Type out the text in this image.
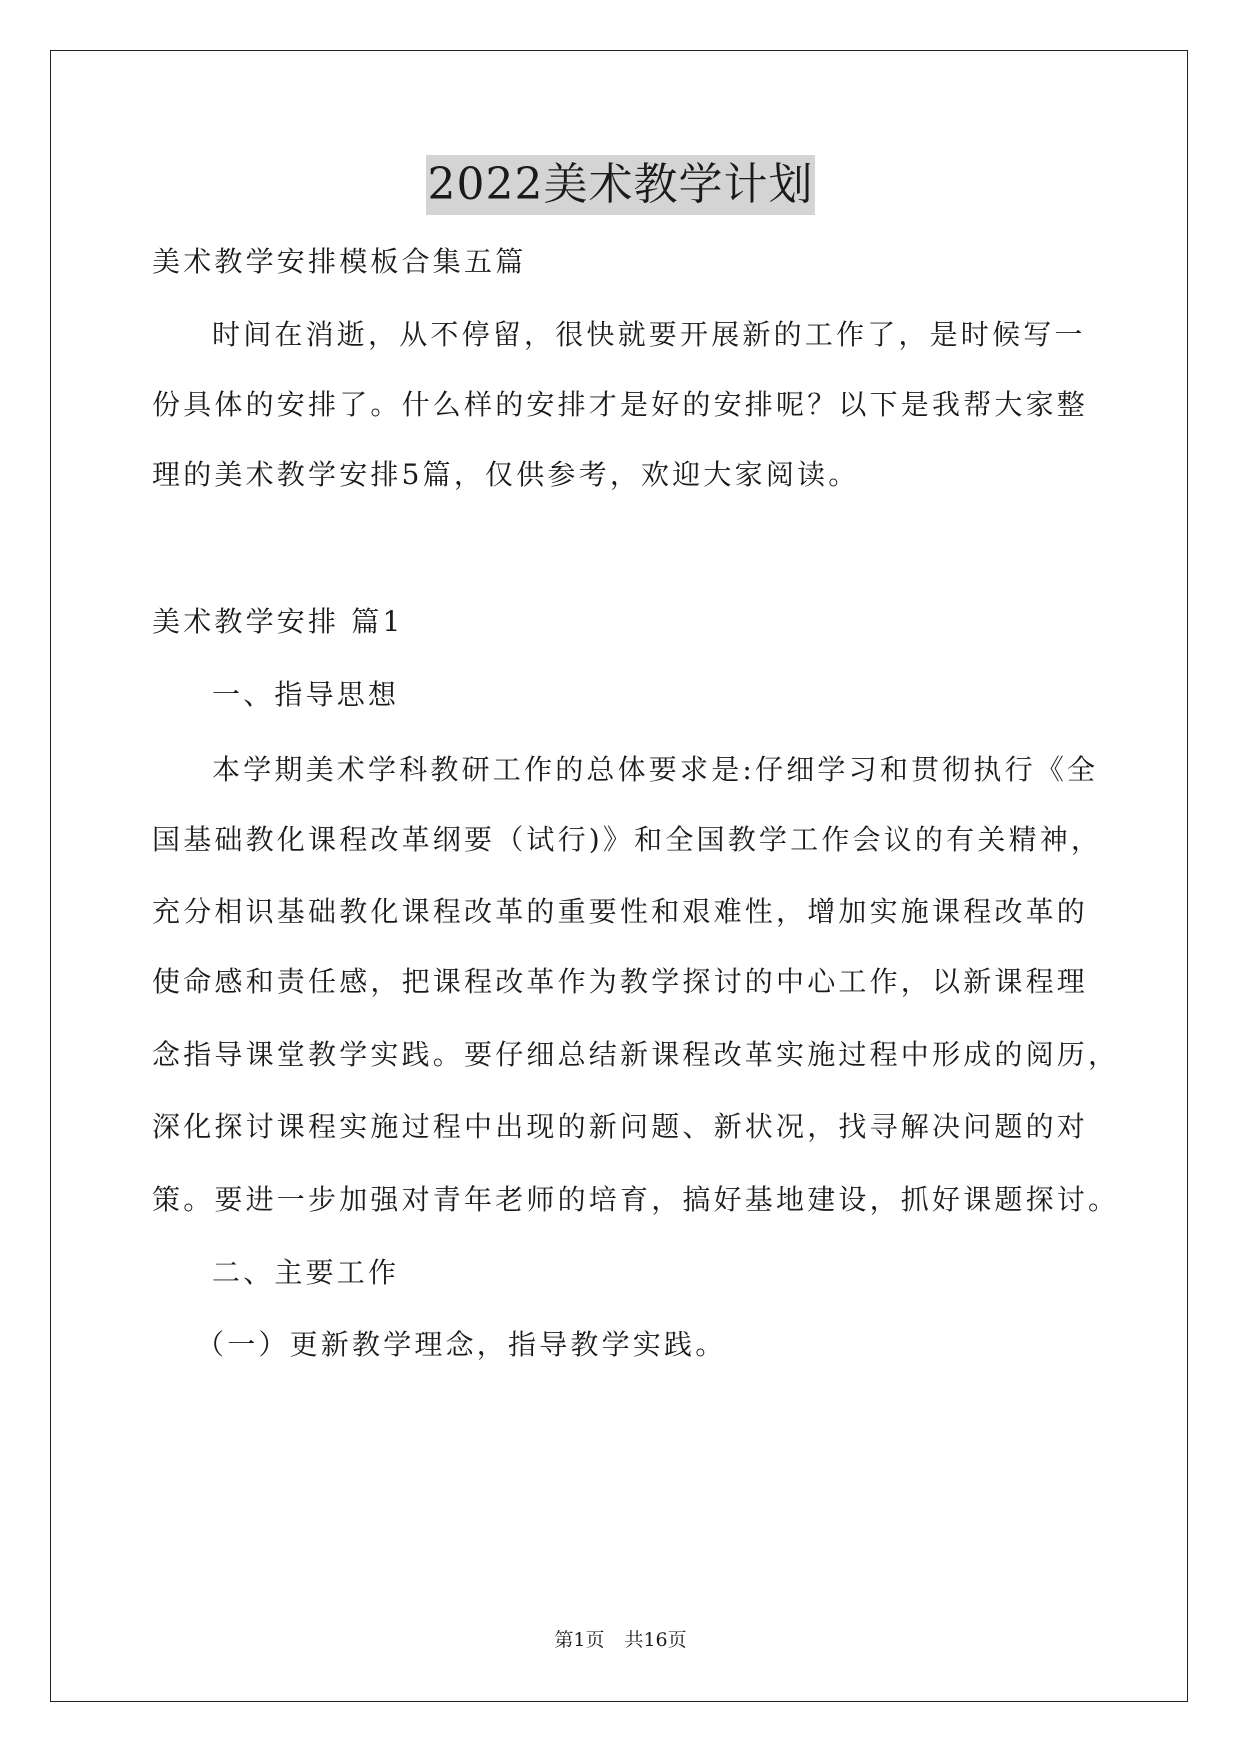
2022美术教学计划

美术教学安排模板合集五篇

时间在消逝，从不停留，很快就要开展新的工作了，是时候写一

份具体的安排了。什么样的安排才是好的安排呢？以下是我帮大家整

理的美术教学安排5篇，仅供参考，欢迎大家阅读。

美术教学安排 篇1

一、指导思想

本学期美术学科教研工作的总体要求是:仔细学习和贯彻执行《全

国基础教化课程改革纲要（试行)》和全国教学工作会议的有关精神，

充分相识基础教化课程改革的重要性和艰难性，增加实施课程改革的

使命感和责任感，把课程改革作为教学探讨的中心工作，以新课程理

念指导课堂教学实践。要仔细总结新课程改革实施过程中形成的阅历，

深化探讨课程实施过程中出现的新问题、新状况，找寻解决问题的对

策。要进一步加强对青年老师的培育，搞好基地建设，抓好课题探讨。

二、主要工作

（一）更新教学理念，指导教学实践。

第1页 共16页
